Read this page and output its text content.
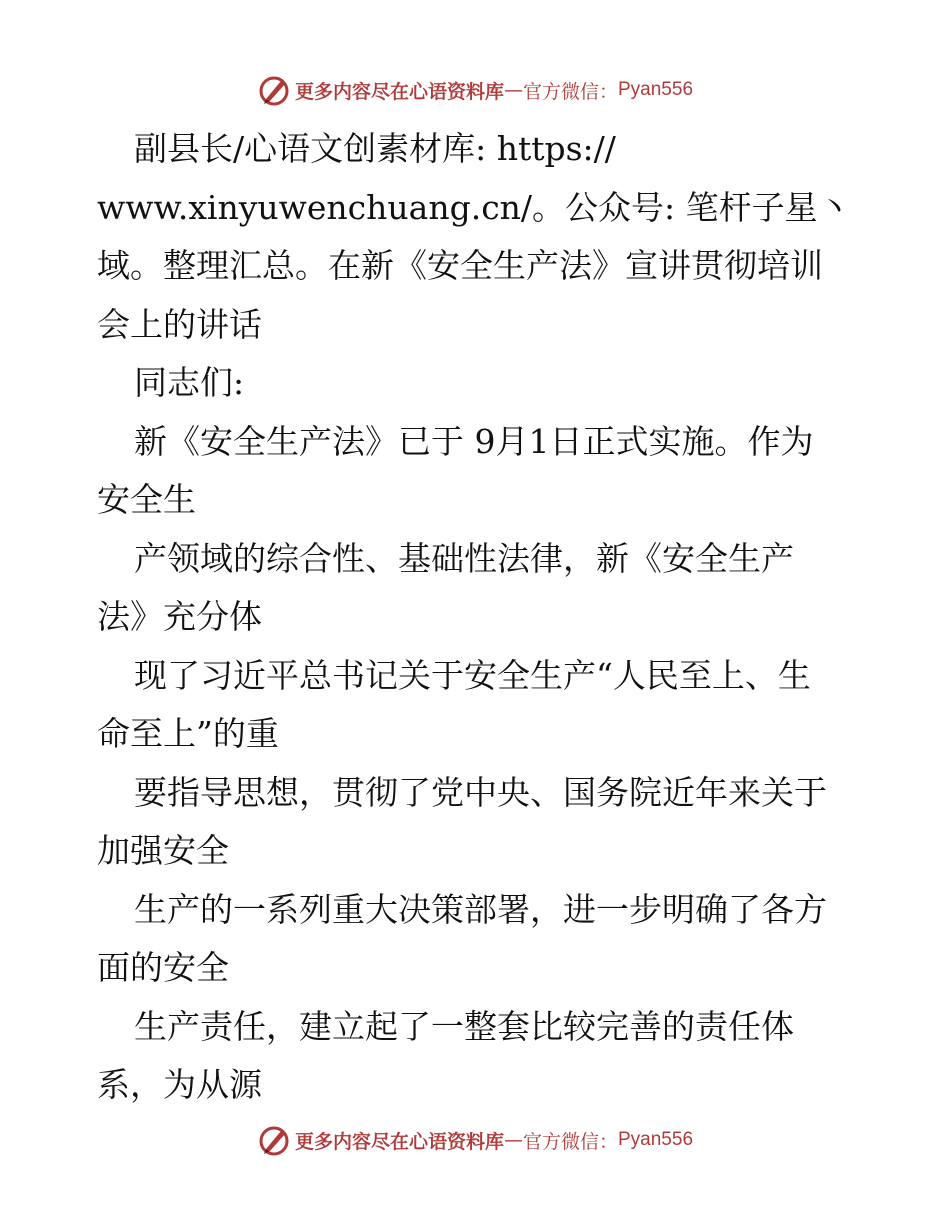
更多内容尽在心语资料库 — 官方微信： Pyan556
副县长/心语文创素材库: https://
www.xinyuwenchuang.cn/。公众号: 笔杆子星丶
域。整理汇总。在新《安全生产法》宣讲贯彻培训
会上的讲话
同志们:
新《安全生产法》已于 9月1日正式实施。作为
安全生
产领域的综合性、基础性法律，新《安全生产
法》充分体
现了习近平总书记关于安全生产“人民至上、生
命至上”的重
要指导思想，贯彻了党中央、国务院近年来关于
加强安全
生产的一系列重大决策部署，进一步明确了各方
面的安全
生产责任，建立起了一整套比较完善的责任体
系，为从源
更多内容尽在心语资料库 — 官方微信： Pyan556
